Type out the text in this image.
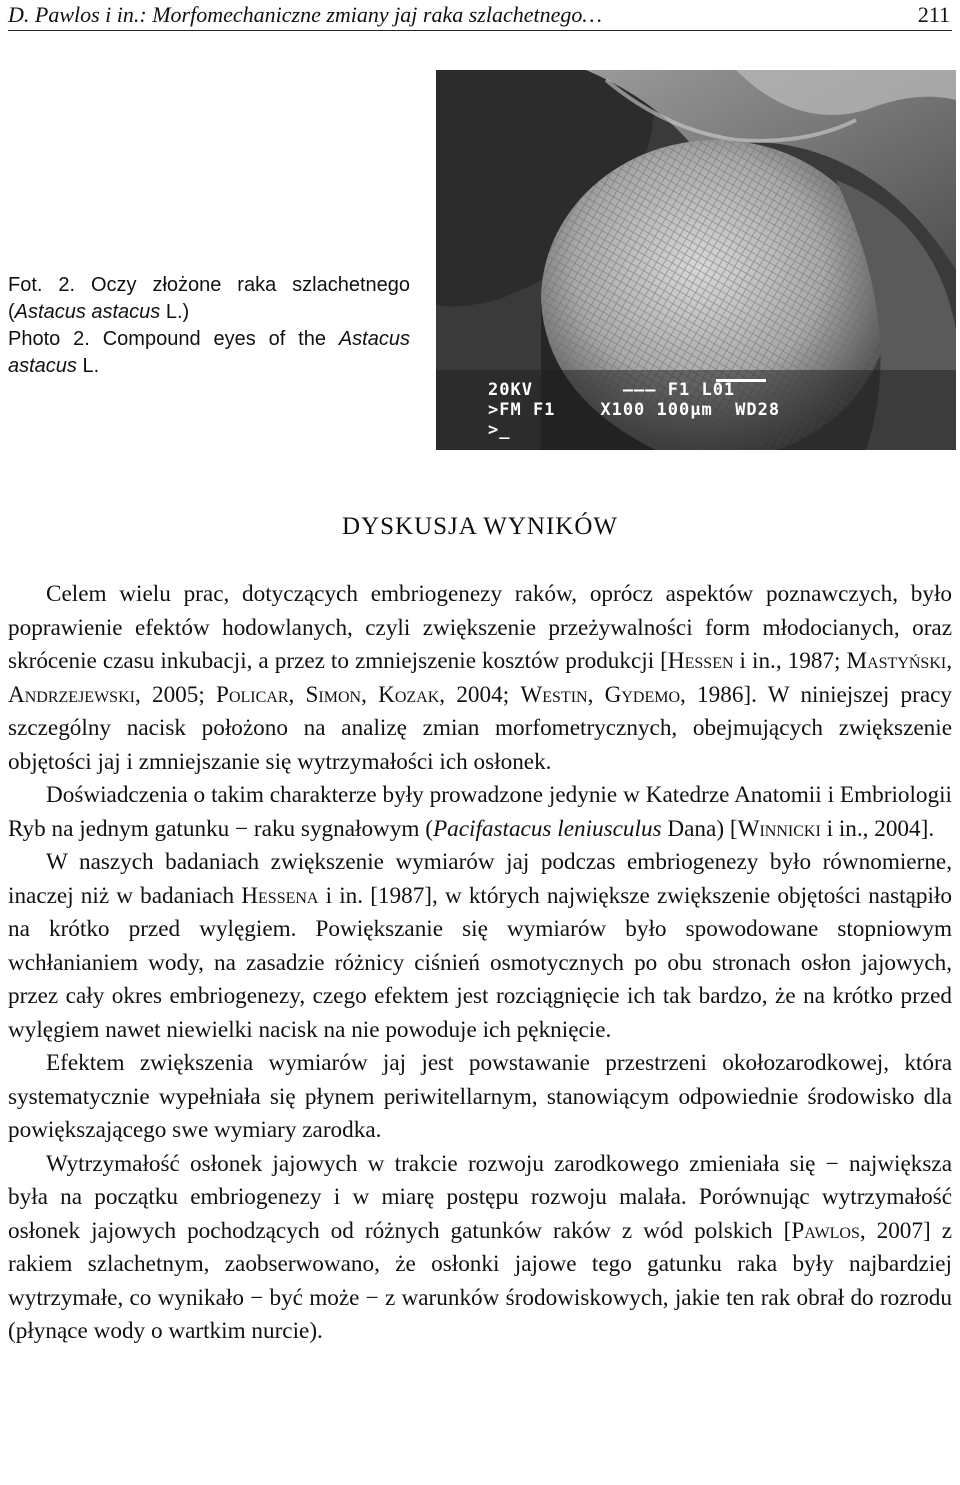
D. Pawlos i in.: Morfomechaniczne zmiany jaj raka szlachetnego…	211

Fot. 2. Oczy złożone raka szlachetnego (Astacus astacus L.)

Photo 2. Compound eyes of the Astacus astacus L.

20KV        ——— F1 L01
>FM F1    X100 100μm  WD28
>_
DYSKUSJA WYNIKÓW

Celem wielu prac, dotyczących embriogenezy raków, oprócz aspektów poznawczych, było poprawienie efektów hodowlanych, czyli zwiększenie przeżywalności form młodocianych, oraz skrócenie czasu inkubacji, a przez to zmniejszenie kosztów produkcji [Hessen i in., 1987; Mastyński, Andrzejewski, 2005; Policar, Simon, Kozak, 2004; Westin, Gydemo, 1986]. W niniejszej pracy szczególny nacisk położono na analizę zmian morfometrycznych, obejmujących zwiększenie objętości jaj i zmniejszanie się wytrzymałości ich osłonek.

Doświadczenia o takim charakterze były prowadzone jedynie w Katedrze Anatomii i Embriologii Ryb na jednym gatunku − raku sygnałowym (Pacifastacus leniusculus Dana) [Winnicki i in., 2004].

W naszych badaniach zwiększenie wymiarów jaj podczas embriogenezy było równomierne, inaczej niż w badaniach Hessena i in. [1987], w których największe zwiększenie objętości nastąpiło na krótko przed wylęgiem. Powiększanie się wymiarów było spowodowane stopniowym wchłanianiem wody, na zasadzie różnicy ciśnień osmotycznych po obu stronach osłon jajowych, przez cały okres embriogenezy, czego efektem jest rozciągnięcie ich tak bardzo, że na krótko przed wylęgiem nawet niewielki nacisk na nie powoduje ich pęknięcie.

Efektem zwiększenia wymiarów jaj jest powstawanie przestrzeni okołozarodkowej, która systematycznie wypełniała się płynem periwitellarnym, stanowiącym odpowiednie środowisko dla powiększającego swe wymiary zarodka.

Wytrzymałość osłonek jajowych w trakcie rozwoju zarodkowego zmieniała się − największa była na początku embriogenezy i w miarę postępu rozwoju malała. Porównując wytrzymałość osłonek jajowych pochodzących od różnych gatunków raków z wód polskich [Pawlos, 2007] z rakiem szlachetnym, zaobserwowano, że osłonki jajowe tego gatunku raka były najbardziej wytrzymałe, co wynikało − być może − z warunków środowiskowych, jakie ten rak obrał do rozrodu (płynące wody o wartkim nurcie).
